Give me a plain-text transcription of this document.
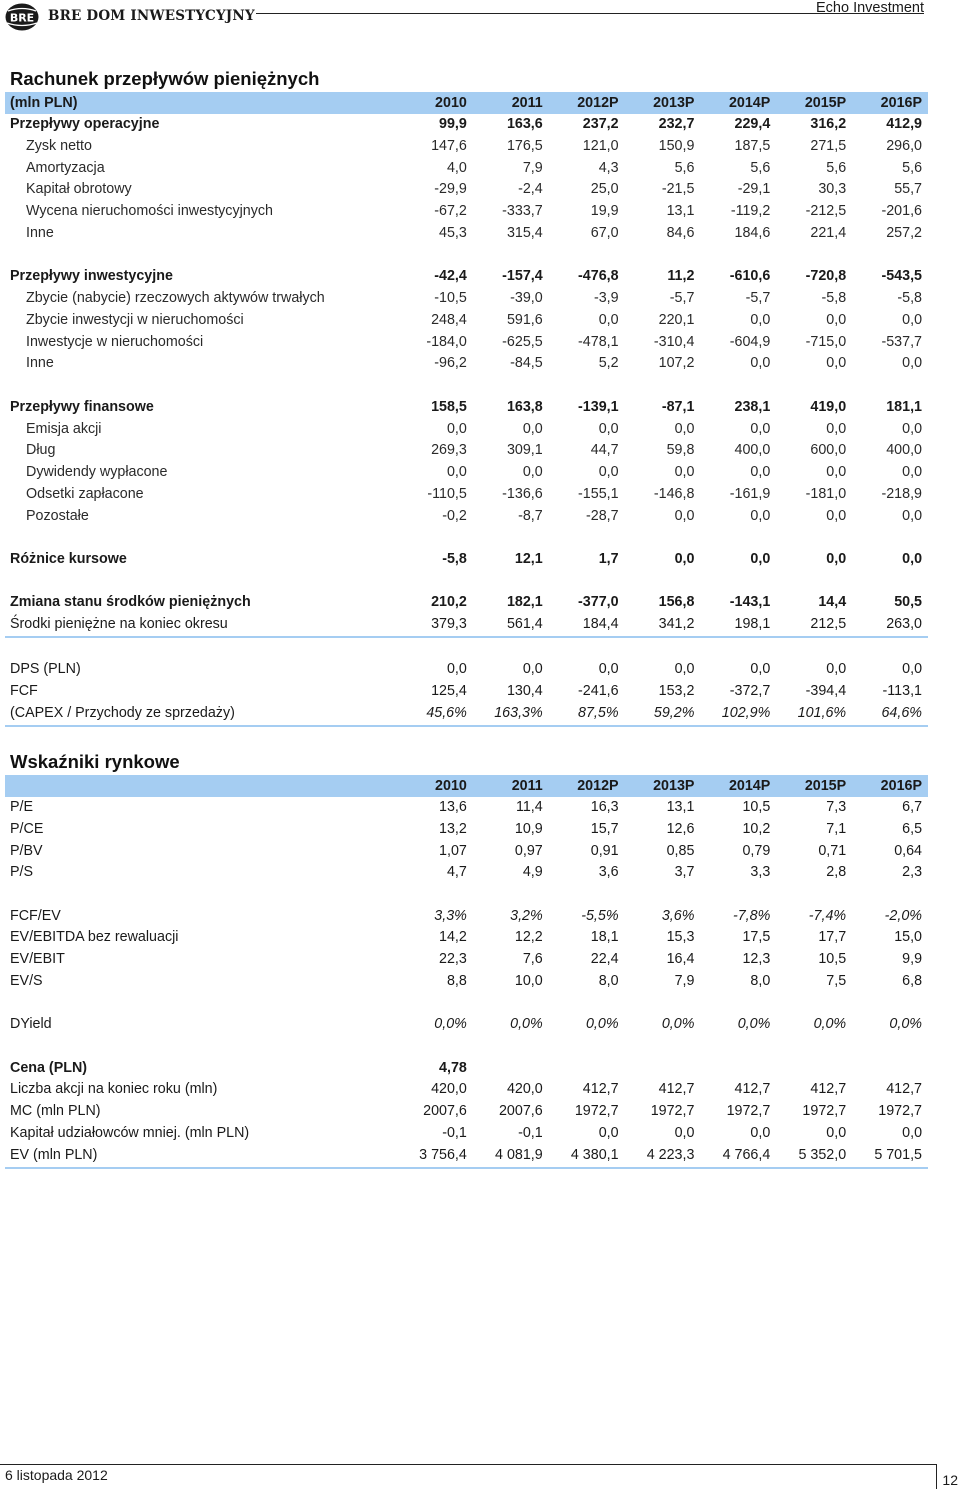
BRE BRE DOM INWESTYCYJNY	Echo Investment
Rachunek przepływów pieniężnych
(mln PLN)	2010	2011	2012P	2013P	2014P	2015P	2016P
Przepływy operacyjne	99,9	163,6	237,2	232,7	229,4	316,2	412,9
Zysk netto	147,6	176,5	121,0	150,9	187,5	271,5	296,0
Amortyzacja	4,0	7,9	4,3	5,6	5,6	5,6	5,6
Kapitał obrotowy	-29,9	-2,4	25,0	-21,5	-29,1	30,3	55,7
Wycena nieruchomości inwestycyjnych	-67,2	-333,7	19,9	13,1	-119,2	-212,5	-201,6
Inne	45,3	315,4	67,0	84,6	184,6	221,4	257,2

Przepływy inwestycyjne	-42,4	-157,4	-476,8	11,2	-610,6	-720,8	-543,5
Zbycie (nabycie) rzeczowych aktywów trwałych	-10,5	-39,0	-3,9	-5,7	-5,7	-5,8	-5,8
Zbycie inwestycji w nieruchomości	248,4	591,6	0,0	220,1	0,0	0,0	0,0
Inwestycje w nieruchomości	-184,0	-625,5	-478,1	-310,4	-604,9	-715,0	-537,7
Inne	-96,2	-84,5	5,2	107,2	0,0	0,0	0,0

Przepływy finansowe	158,5	163,8	-139,1	-87,1	238,1	419,0	181,1
Emisja akcji	0,0	0,0	0,0	0,0	0,0	0,0	0,0
Dług	269,3	309,1	44,7	59,8	400,0	600,0	400,0
Dywidendy wypłacone	0,0	0,0	0,0	0,0	0,0	0,0	0,0
Odsetki zapłacone	-110,5	-136,6	-155,1	-146,8	-161,9	-181,0	-218,9
Pozostałe	-0,2	-8,7	-28,7	0,0	0,0	0,0	0,0

Różnice kursowe	-5,8	12,1	1,7	0,0	0,0	0,0	0,0

Zmiana stanu środków pieniężnych	210,2	182,1	-377,0	156,8	-143,1	14,4	50,5
Środki pieniężne na koniec okresu	379,3	561,4	184,4	341,2	198,1	212,5	263,0

DPS (PLN)	0,0	0,0	0,0	0,0	0,0	0,0	0,0
FCF	125,4	130,4	-241,6	153,2	-372,7	-394,4	-113,1
(CAPEX / Przychody ze sprzedaży)	45,6%	163,3%	87,5%	59,2%	102,9%	101,6%	64,6%
Wskaźniki rynkowe
	2010	2011	2012P	2013P	2014P	2015P	2016P
P/E	13,6	11,4	16,3	13,1	10,5	7,3	6,7
P/CE	13,2	10,9	15,7	12,6	10,2	7,1	6,5
P/BV	1,07	0,97	0,91	0,85	0,79	0,71	0,64
P/S	4,7	4,9	3,6	3,7	3,3	2,8	2,3

FCF/EV	3,3%	3,2%	-5,5%	3,6%	-7,8%	-7,4%	-2,0%
EV/EBITDA bez rewaluacji	14,2	12,2	18,1	15,3	17,5	17,7	15,0
EV/EBIT	22,3	7,6	22,4	16,4	12,3	10,5	9,9
EV/S	8,8	10,0	8,0	7,9	8,0	7,5	6,8

DYield	0,0%	0,0%	0,0%	0,0%	0,0%	0,0%	0,0%

Cena (PLN)	4,78						
Liczba akcji na koniec roku (mln)	420,0	420,0	412,7	412,7	412,7	412,7	412,7
MC (mln PLN)	2007,6	2007,6	1972,7	1972,7	1972,7	1972,7	1972,7
Kapitał udziałowców mniej. (mln PLN)	-0,1	-0,1	0,0	0,0	0,0	0,0	0,0
EV (mln PLN)	3 756,4	4 081,9	4 380,1	4 223,3	4 766,4	5 352,0	5 701,5
6 listopada 2012	12
